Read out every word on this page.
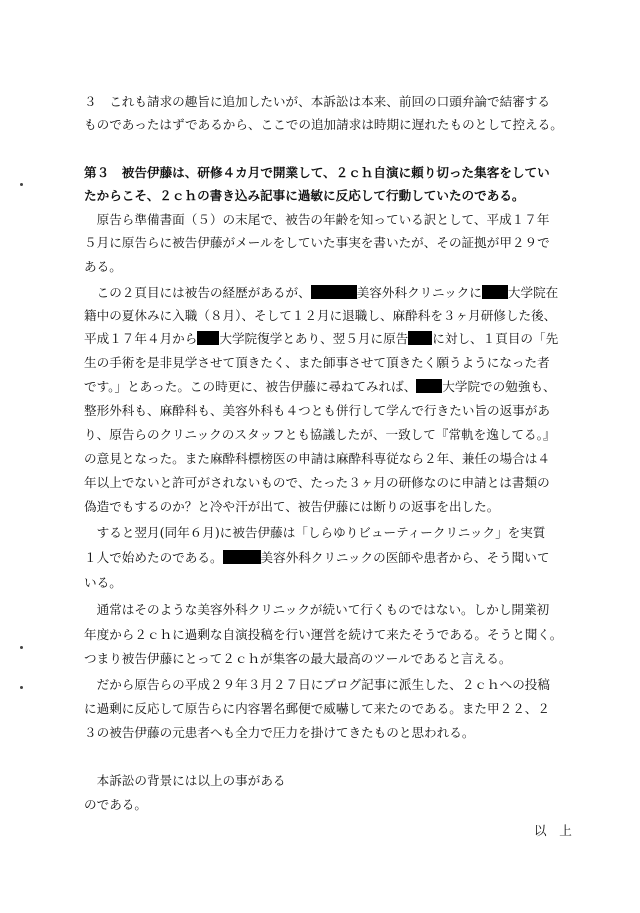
３　これも請求の趣旨に追加したいが、本訴訟は本来、前回の口頭弁論で結審する
ものであったはずであるから、ここでの追加請求は時期に遅れたものとして控える。
第３　被告伊藤は、研修４カ月で開業して、２ｃｈ自演に頼り切った集客をしてい
たからこそ、２ｃｈの書き込み記事に過敏に反応して行動していたのである。
　原告ら準備書面（５）の末尾で、被告の年齢を知っている訳として、平成１７年
５月に原告らに被告伊藤がメールをしていた事実を書いたが、その証拠が甲２９で
ある。
　この２頁目には被告の経歴があるが、	美容外科クリニックに 大学院在
籍中の夏休みに入職（８月）、そして１２月に退職し、麻酔科を３ヶ月研修した後、
平成１７年４月から 大学院復学とあり、翌５月に原告 に対し、１頁目の「先
生の手術を是非見学させて頂きたく、また師事させて頂きたく願うようになった者
です。」とあった。この時更に、被告伊藤に尋ねてみれば、 大学院での勉強も、
整形外科も、麻酔科も、美容外科も４つとも併行して学んで行きたい旨の返事があ
り、原告らのクリニックのスタッフとも協議したが、一致して『常軌を逸してる。』
の意見となった。また麻酔科標榜医の申請は麻酔科専従なら２年、兼任の場合は４
年以上でないと許可がされないもので、たった３ヶ月の研修なのに申請とは書類の
偽造でもするのか？と冷や汗が出て、被告伊藤には断りの返事を出した。
　すると翌月(同年６月)に被告伊藤は「しらゆりビューティークリニック」を実質
１人で始めたのである。	美容外科クリニックの医師や患者から、そう聞いて
いる。
　通常はそのような美容外科クリニックが続いて行くものではない。しかし開業初
年度から２ｃｈに過剰な自演投稿を行い運営を続けて来たそうである。そうと聞く。
つまり被告伊藤にとって２ｃｈが集客の最大最高のツールであると言える。
　だから原告らの平成２９年３月２７日にブログ記事に派生した、２ｃｈへの投稿
に過剰に反応して原告らに内容署名郵便で威嚇して来たのである。また甲２２、２
３の被告伊藤の元患者へも全力で圧力を掛けてきたものと思われる。
　本訴訟の背景には以上の事がある
のである。
以　上
